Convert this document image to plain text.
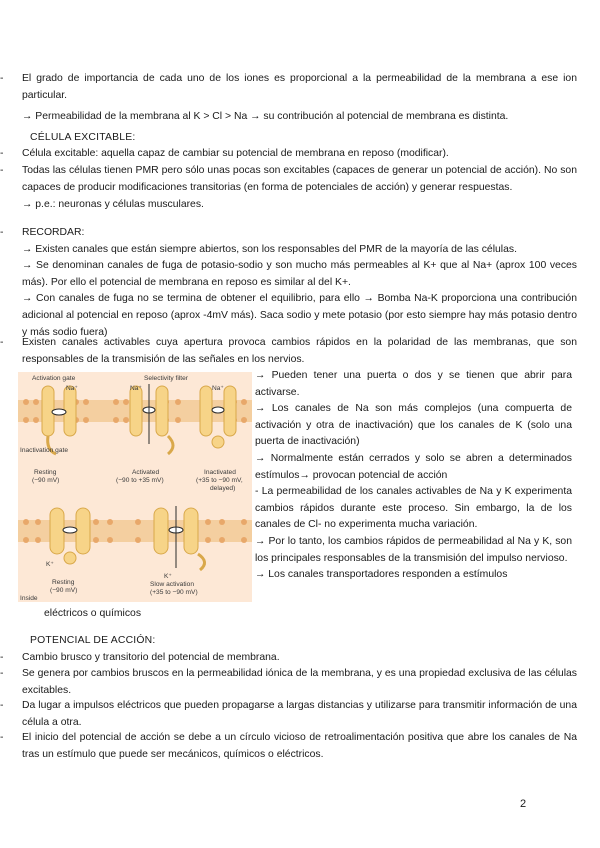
-	El grado de importancia de cada uno de los iones es proporcional a la permeabilidad de la membrana a ese ion particular.
→ Permeabilidad de la membrana al K > Cl > Na → su contribución al potencial de membrana es distinta.
CÉLULA EXCITABLE:
-	Célula excitable: aquella capaz de cambiar su potencial de membrana en reposo (modificar).
-	Todas las células tienen PMR pero sólo unas pocas son excitables (capaces de generar un potencial de acción). No son capaces de producir modificaciones transitorias (en forma de potenciales de acción) y generar respuestas.
→ p.e.: neuronas y células musculares.
-	RECORDAR:
→ Existen canales que están siempre abiertos, son los responsables del PMR de la mayoría de las células.
→ Se denominan canales de fuga de potasio-sodio y son mucho más permeables al K+ que al Na+ (aprox 100 veces más). Por ello el potencial de membrana en reposo es similar al del K+.
→ Con canales de fuga no se termina de obtener el equilibrio, para ello → Bomba Na-K proporciona una contribución adicional al potencial en reposo (aprox -4mV más). Saca sodio y mete potasio (por esto siempre hay más potasio dentro y más sodio fuera)
-	Existen canales activables cuya apertura provoca cambios rápidos en la polaridad de las membranas, que son responsables de la transmisión de las señales en los nervios.
Activation gate
Na⁺
Selectivity filter
Na⁺	Na⁺
Inactivation gate
Resting
(−90 mV)
Activated
(−90 to +35 mV)
Inactivated
(+35 to −90 mV,
delayed)
K⁺
K⁺
Resting
(−90 mV)
Slow activation
(+35 to −90 mV)
Inside
→ Pueden tener una puerta o dos y se tienen que abrir para activarse.
→ Los canales de Na son más complejos (una compuerta de activación y otra de inactivación) que los canales de K (solo una puerta de inactivación)
→ Normalmente están cerrados y solo se abren a determinados estímulos→ provocan potencial de acción
- La permeabilidad de los canales activables de Na y K experimenta cambios rápidos durante este proceso. Sin embargo, la de los canales de Cl- no experimenta mucha variación.
→ Por lo tanto, los cambios rápidos de permeabilidad al Na y K, son los principales responsables de la transmisión del impulso nervioso.
→ Los canales transportadores responden a estímulos
eléctricos o químicos
POTENCIAL DE ACCIÓN:
-	Cambio brusco y transitorio del potencial de membrana.
-	Se genera por cambios bruscos en la permeabilidad iónica de la membrana, y es una propiedad exclusiva de las células excitables.
-	Da lugar a impulsos eléctricos que pueden propagarse a largas distancias y utilizarse para transmitir información de una célula a otra.
-	El inicio del potencial de acción se debe a un círculo vicioso de retroalimentación positiva que abre los canales de Na tras un estímulo que puede ser mecánicos, químicos o eléctricos.
2
